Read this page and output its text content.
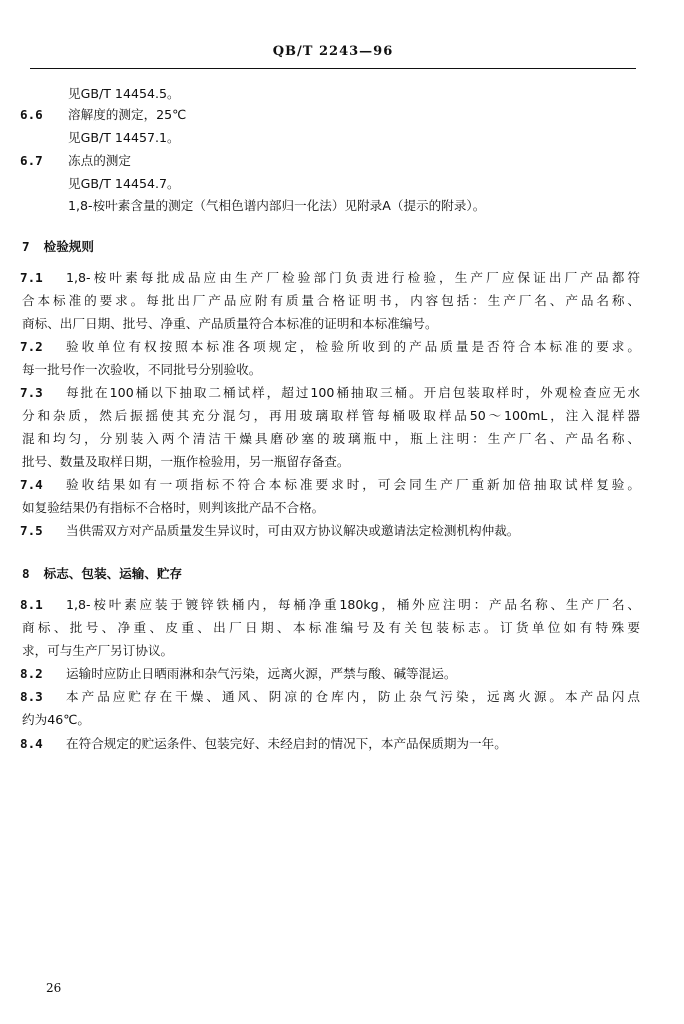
QB/T 2243—96
见GB/T 14454.5。
6.6 溶解度的测定，25℃
见GB/T 14457.1。
6.7 冻点的测定
见GB/T 14454.7。
1,8-桉叶素含量的测定（气相色谱内部归一化法）见附录A（提示的附录）。
7 检验规则
7.1 1,8-桉叶素每批成品应由生产厂检验部门负责进行检验，生产厂应保证出厂产品都符
合本标准的要求。每批出厂产品应附有质量合格证明书，内容包括：生产厂名、产品名称、
商标、出厂日期、批号、净重、产品质量符合本标准的证明和本标准编号。
7.2 验收单位有权按照本标准各项规定，检验所收到的产品质量是否符合本标准的要求。
每一批号作一次验收，不同批号分别验收。
7.3 每批在100桶以下抽取二桶试样，超过100桶抽取三桶。开启包装取样时，外观检查应无水
分和杂质，然后振摇使其充分混匀，再用玻璃取样管每桶吸取样品50～100mL，注入混样器
混和均匀，分别装入两个清洁干燥具磨砂塞的玻璃瓶中，瓶上注明：生产厂名、产品名称、
批号、数量及取样日期，一瓶作检验用，另一瓶留存备查。
7.4 验收结果如有一项指标不符合本标准要求时，可会同生产厂重新加倍抽取试样复验。
如复验结果仍有指标不合格时，则判该批产品不合格。
7.5 当供需双方对产品质量发生异议时，可由双方协议解决或邀请法定检测机构仲裁。
8 标志、包装、运输、贮存
8.1 1,8-桉叶素应装于镀锌铁桶内，每桶净重180kg，桶外应注明：产品名称、生产厂名、
商标、批号、净重、皮重、出厂日期、本标准编号及有关包装标志。订货单位如有特殊要
求，可与生产厂另订协议。
8.2 运输时应防止日晒雨淋和杂气污染，远离火源，严禁与酸、碱等混运。
8.3 本产品应贮存在干燥、通风、阴凉的仓库内，防止杂气污染，远离火源。本产品闪点
约为46℃。
8.4 在符合规定的贮运条件、包装完好、未经启封的情况下，本产品保质期为一年。
26
